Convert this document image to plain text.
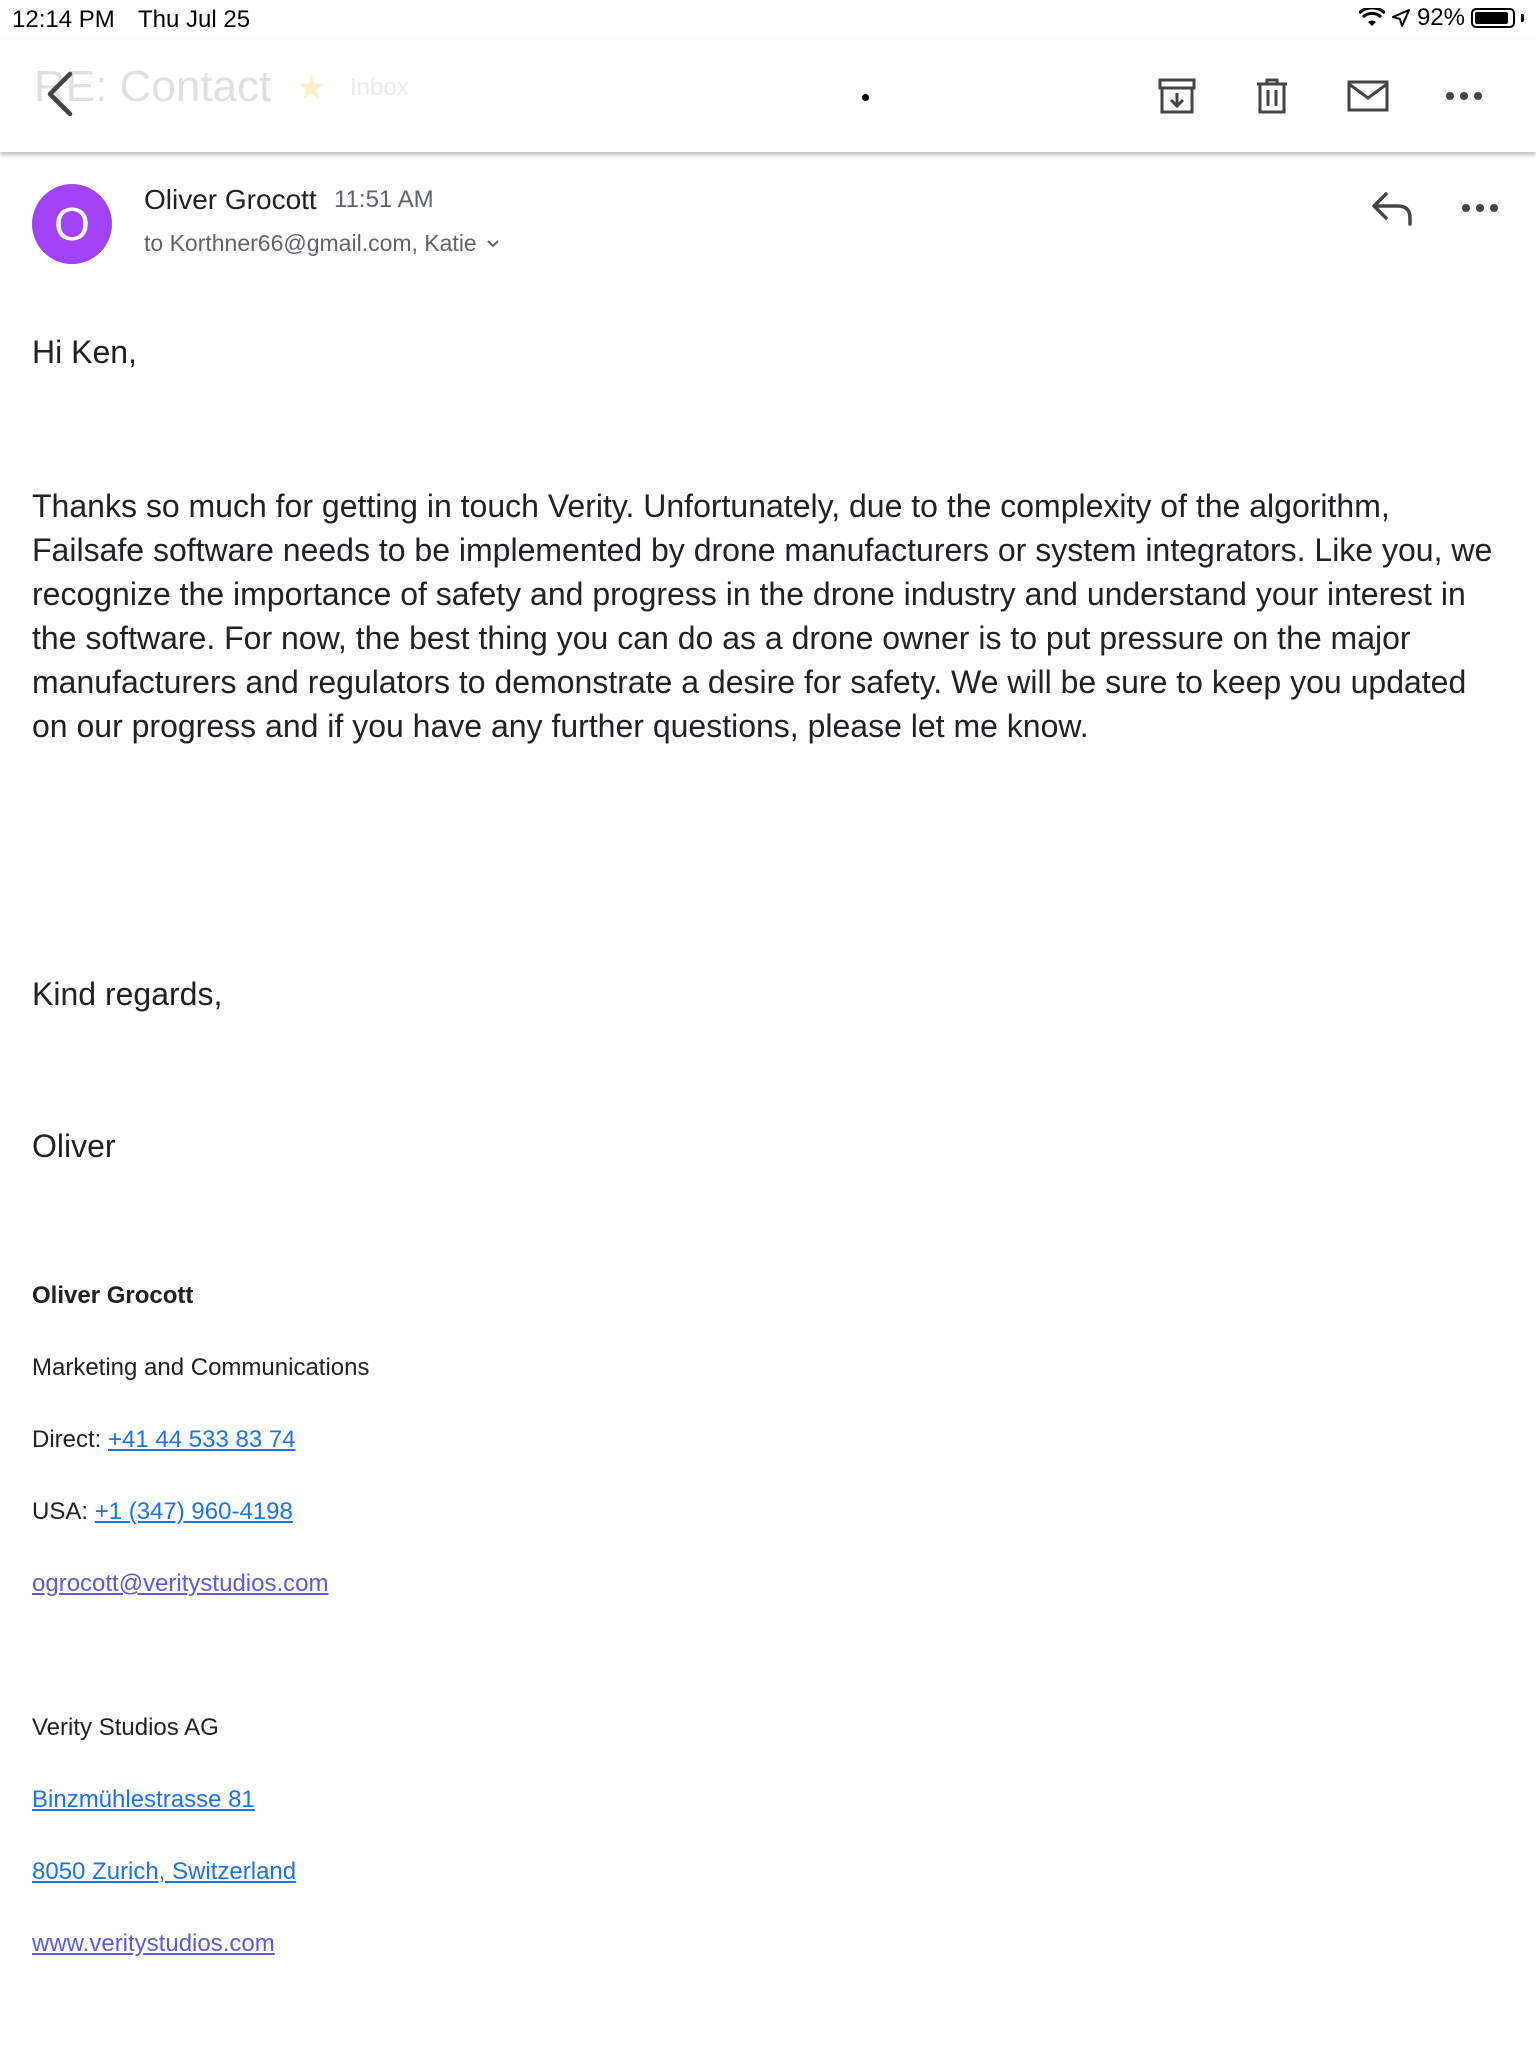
12:14 PM Thu Jul 25	92%
RE: Contact ★ Inbox
O	Oliver Grocott 11:51 AM
to Korthner66@gmail.com, Katie
Hi Ken,
Thanks so much for getting in touch Verity. Unfortunately, due to the complexity of the algorithm, Failsafe software needs to be implemented by drone manufacturers or system integrators. Like you, we recognize the importance of safety and progress in the drone industry and understand your interest in the software. For now, the best thing you can do as a drone owner is to put pressure on the major manufacturers and regulators to demonstrate a desire for safety. We will be sure to keep you updated on our progress and if you have any further questions, please let me know.
Kind regards,
Oliver
Oliver Grocott
Marketing and Communications
Direct: +41 44 533 83 74
USA: +1 (347) 960-4198
ogrocott@veritystudios.com
Verity Studios AG
Binzmühlestrasse 81
8050 Zurich, Switzerland
www.veritystudios.com
